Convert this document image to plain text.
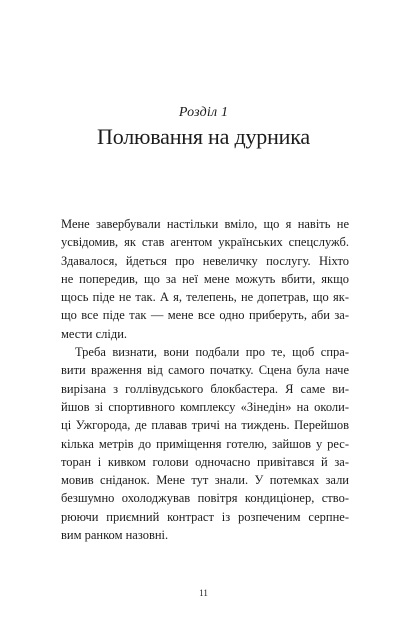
Розділ 1
Полювання на дурника
Мене завербували настільки вміло, що я навіть не
усвідомив, як став агентом українських спецслужб.
Здавалося, йдеться про невеличку послугу. Ніхто
не попередив, що за неї мене можуть вбити, якщо
щось піде не так. А я, телепень, не допетрав, що як-
що все піде так — мене все одно приберуть, аби за-
мести сліди.
Треба визнати, вони подбали про те, щоб спра-
вити враження від самого початку. Сцена була наче
вирізана з голлівудського блокбастера. Я саме ви-
йшов зі спортивного комплексу «Зінедін» на околи-
ці Ужгорода, де плавав тричі на тиждень. Перейшов
кілька метрів до приміщення готелю, зайшов у рес-
торан і кивком голови одночасно привітався й за-
мовив сніданок. Мене тут знали. У потемках зали
безшумно охолоджував повітря кондиціонер, ство-
рюючи приємний контраст із розпеченим серпне-
вим ранком назовні.
11
